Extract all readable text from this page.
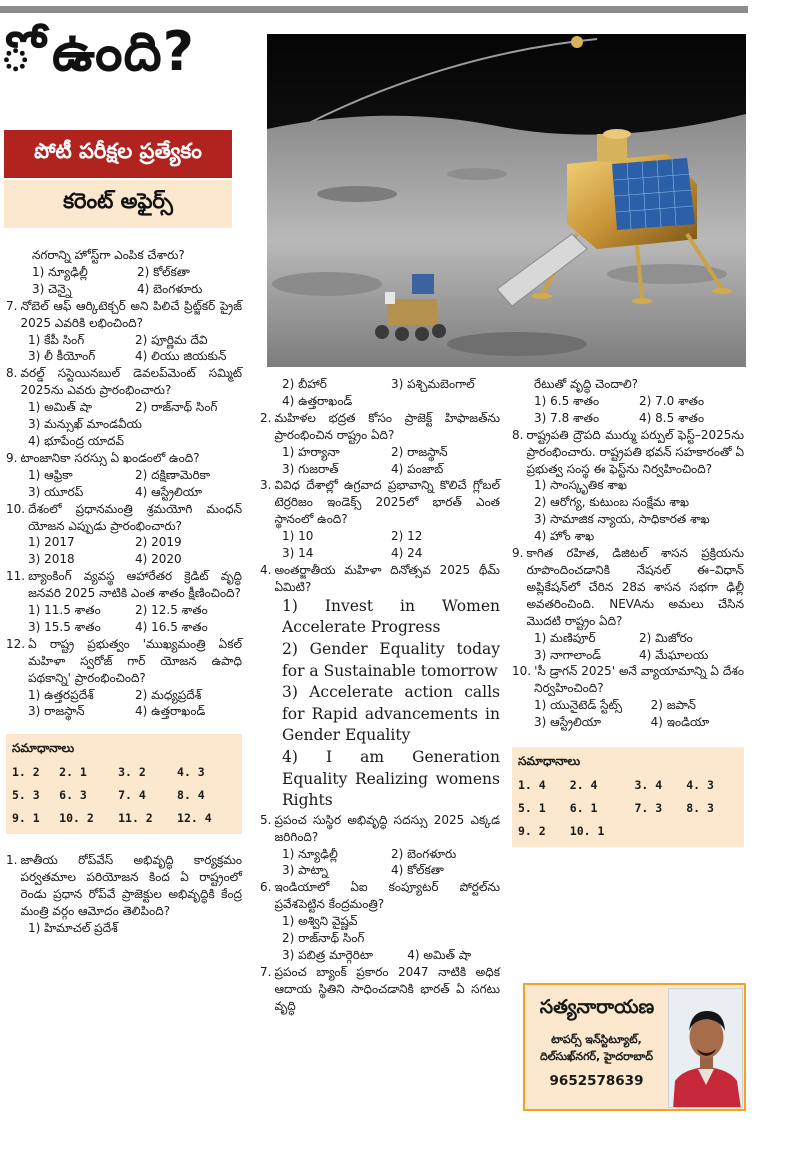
ో ఉంది?
పోటీ పరీక్షల ప్రత్యేకం
కరెంట్ అఫైర్స్
నగరాన్ని హోస్ట్‌గా ఎంపిక చేశారు?
1) న్యూఢిల్లీ	2) కోల్‌కతా
3) చెన్నై	4) బెంగళూరు
7. నోబెల్ ఆఫ్ ఆర్కిటెక్చర్ అని పిలిచే ప్రిట్జ్‌కర్ ప్రైజ్ 2025 ఎవరికి లభించింది?
1) కేపీ సింగ్	2) పూర్ణిమ దేవి
3) లీ కీయోంగ్	4) లియు జియకున్
8. వరల్డ్ సస్టెయినబుల్ డెవలప్‌మెంట్ సమ్మిట్ 2025ను ఎవరు ప్రారంభించారు?
1) అమిత్ షా	2) రాజ్‌నాథ్ సింగ్
3) మన్సుఖ్ మాండవీయ
4) భూపేంద్ర యాదవ్
9. టాంజానికా సరస్సు ఏ ఖండంలో ఉంది?
1) ఆఫ్రికా	2) దక్షిణామెరికా
3) యూరప్	4) ఆస్ట్రేలియా
10. దేశంలో ప్రధానమంత్రి శ్రమయోగి మంధన్ యోజన ఎప్పుడు ప్రారంభించారు?
1) 2017	2) 2019
3) 2018	4) 2020
11. బ్యాంకింగ్ వ్యవస్థ ఆహారేతర క్రెడిట్ వృద్ధి జనవరి 2025 నాటికి ఎంత శాతం క్షీణించింది?
1) 11.5 శాతం	2) 12.5 శాతం
3) 15.5 శాతం	4) 16.5 శాతం
12. ఏ రాష్ట్ర ప్రభుత్వం 'ముఖ్యమంత్రి ఏకల్ మహిళా స్వరోజ్ గార్ యోజన ఉపాధి పథకాన్ని' ప్రారంభించింది?
1) ఉత్తరప్రదేశ్	2) మధ్యప్రదేశ్
3) రాజస్థాన్	4) ఉత్తరాఖండ్
సమాధానాలు
1. 2	2. 1	3. 2	4. 3
5. 3	6. 3	7. 4	8. 4
9. 1	10. 2	11. 2	12. 4
1. జాతీయ రోప్‌వేస్ అభివృద్ధి కార్యక్రమం పర్వతమాల పరియోజన కింద ఏ రాష్ట్రంలో రెండు ప్రధాన రోప్‌వే ప్రాజెక్టుల అభివృద్ధికి కేంద్ర మంత్రి వర్గం ఆమోదం తెలిపింది?
1) హిమాచల్ ప్రదేశ్
2) బీహార్	3) పశ్చిమబెంగాల్
4) ఉత్తరాఖండ్
2. మహిళల భద్రత కోసం ప్రాజెక్ట్ హిఫాజత్‌ను ప్రారంభించిన రాష్ట్రం ఏది?
1) హర్యానా	2) రాజస్థాన్
3) గుజరాత్	4) పంజాబ్
3. వివిధ దేశాల్లో ఉగ్రవాద ప్రభావాన్ని కొలిచే గ్లోబల్ టెర్రరిజం ఇండెక్స్ 2025లో భారత్ ఎంత స్థానంలో ఉంది?
1) 10	2) 12
3) 14	4) 24
4. అంతర్జాతీయ మహిళా దినోత్సవ 2025 థీమ్ ఏమిటి?
1) Invest in Women Accelerate Progress
2) Gender Equality today for a Sustainable tomorrow
3) Accelerate action calls for Rapid advancements in Gender Equality
4) I am Generation Equality Realizing womens Rights
5. ప్రపంచ సుస్థిర అభివృద్ధి సదస్సు 2025 ఎక్కడ జరిగింది?
1) న్యూఢిల్లీ	2) బెంగళూరు
3) పాట్నా	4) కోల్‌కతా
6. ఇండియాలో ఏఐ కంప్యూటర్ పోర్టల్‌ను ప్రవేశపెట్టిన కేంద్రమంత్రి?
1) అశ్విని వైష్ణవ్
2) రాజ్‌నాథ్ సింగ్
3) పబిత్ర మార్గెరిటా	4) అమిత్ షా
7. ప్రపంచ బ్యాంక్ ప్రకారం 2047 నాటికి అధిక ఆదాయ స్థితిని సాధించడానికి భారత్ ఏ సగటు వృద్ధి
రేటుతో వృద్ధి చెందాలి?
1) 6.5 శాతం	2) 7.0 శాతం
3) 7.8 శాతం	4) 8.5 శాతం
8. రాష్ట్రపతి ద్రౌపది ముర్ము పర్పుల్ ఫెస్ట్–2025ను ప్రారంభించారు. రాష్ట్రపతి భవన్ సహకారంతో ఏ ప్రభుత్వ సంస్థ ఈ ఫెస్ట్‌ను నిర్వహించింది?
1) సాంస్కృతిక శాఖ
2) ఆరోగ్య, కుటుంబ సంక్షేమ శాఖ
3) సామాజిక న్యాయ, సాధికారత శాఖ
4) హోం శాఖ
9. కాగిత రహిత, డిజిటల్ శాసన ప్రక్రియను రూపొందించడానికి నేషనల్ ఈ–విధాన్ అప్లికేషన్‌లో చేరిన 28వ శాసన సభగా ఢిల్లీ అవతరించింది. NEVAను అమలు చేసిన మొదటి రాష్ట్రం ఏది?
1) మణిపూర్	2) మిజోరం
3) నాగాలాండ్	4) మేఘాలయ
10. 'సీ డ్రాగన్ 2025' అనే వ్యాయామాన్ని ఏ దేశం నిర్వహించింది?
1) యునైటెడ్ స్టేట్స్	2) జపాన్
3) ఆస్ట్రేలియా	4) ఇండియా
సమాధానాలు
1. 4	2. 4	3. 4	4. 3
5. 1	6. 1	7. 3	8. 3
9. 2	10. 1		
సత్యనారాయణ
టాపర్స్ ఇన్‌స్టిట్యూట్,
దిల్‌సుఖ్‌నగర్, హైదరాబాద్
9652578639
